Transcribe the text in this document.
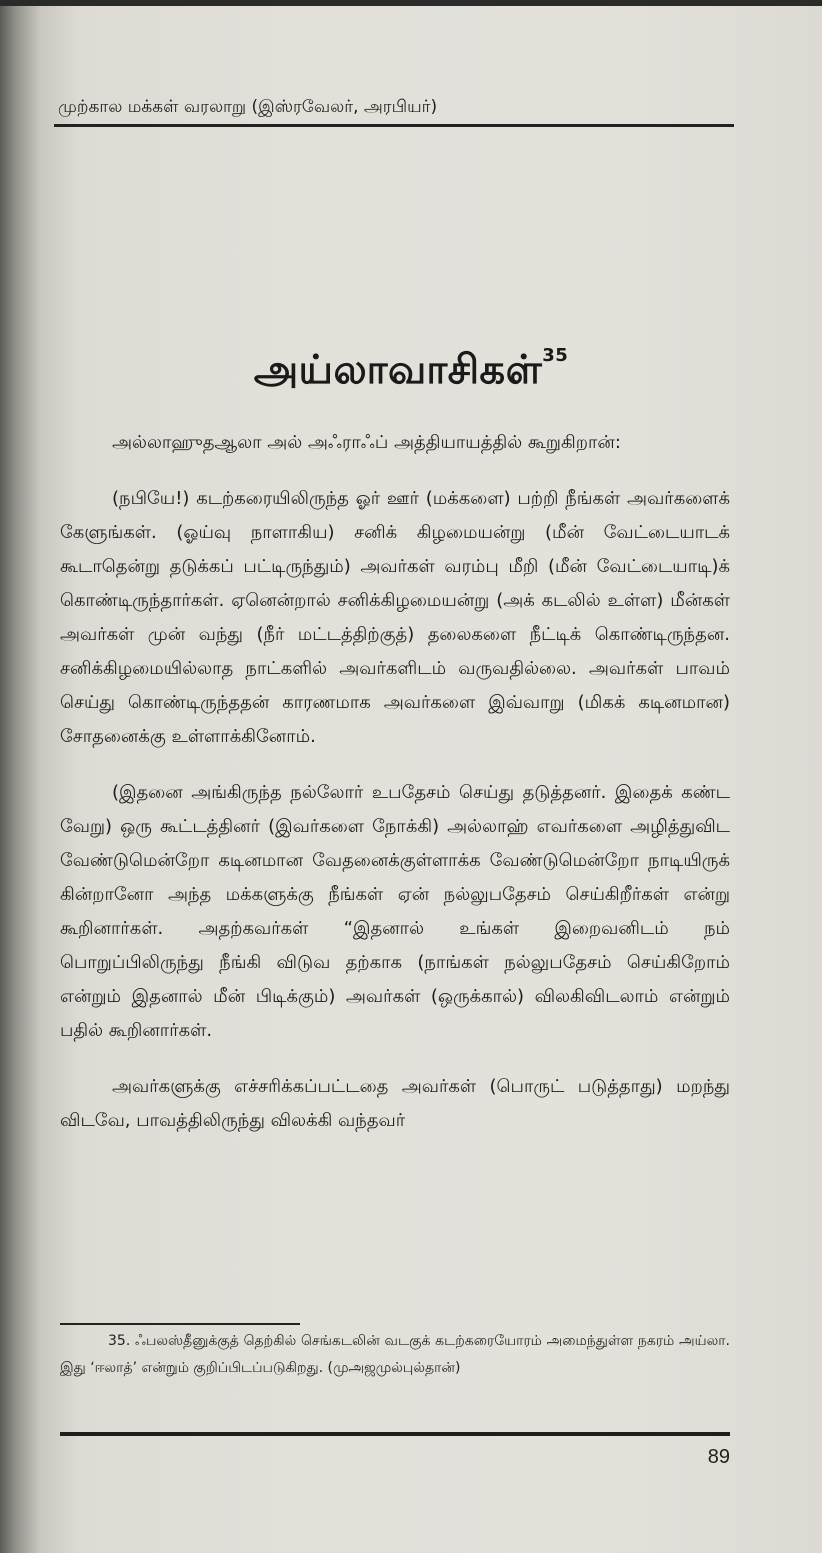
முற்கால மக்கள் வரலாறு (இஸ்ரவேலர், அரபியர்)
அய்லாவாசிகள்$^{35}$

அல்லாஹுதஆலா அல் அஃராஃப் அத்தியாயத்தில் கூறுகிறான்:

(நபியே!) கடற்கரையிலிருந்த ஓர் ஊர் (மக்களை) பற்றி நீங்கள் அவர்களைக் கேளுங்கள். (ஓய்வு நாளாகிய) சனிக் கிழமையன்று (மீன் வேட்டையாடக் கூடாதென்று தடுக்கப் பட்டிருந்தும்) அவர்கள் வரம்பு மீறி (மீன் வேட்டையாடி)க் கொண்டிருந்தார்கள். ஏனென்றால் சனிக்கிழமையன்று (அக் கடலில் உள்ள) மீன்கள் அவர்கள் முன் வந்து (நீர் மட்டத்திற்குத்) தலைகளை நீட்டிக் கொண்டிருந்தன. சனிக்கிழமையில்லாத நாட்களில் அவர்களிடம் வருவதில்லை. அவர்கள் பாவம் செய்து கொண்டிருந்ததன் காரணமாக அவர்களை இவ்வாறு (மிகக் கடினமான) சோதனைக்கு உள்ளாக்கினோம்.

(இதனை அங்கிருந்த நல்லோர் உபதேசம் செய்து தடுத்தனர். இதைக் கண்ட வேறு) ஒரு கூட்டத்தினர் (இவர்களை நோக்கி) அல்லாஹ் எவர்களை அழித்துவிட வேண்டுமென்றோ கடினமான வேதனைக்குள்ளாக்க வேண்டுமென்றோ நாடியிருக் கின்றானோ அந்த மக்களுக்கு நீங்கள் ஏன் நல்லுபதேசம் செய்கிறீர்கள் என்று கூறினார்கள். அதற்கவர்கள் “இதனால் உங்கள் இறைவனிடம் நம் பொறுப்பிலிருந்து நீங்கி விடுவ தற்காக (நாங்கள் நல்லுபதேசம் செய்கிறோம் என்றும் இதனால் மீன் பிடிக்கும்) அவர்கள் (ஒருக்கால்) விலகிவிடலாம் என்றும் பதில் கூறினார்கள்.

அவர்களுக்கு எச்சரிக்கப்பட்டதை அவர்கள் (பொருட் படுத்தாது) மறந்து விடவே, பாவத்திலிருந்து விலக்கி வந்தவர்

35. ஃபலஸ்தீனுக்குத் தெற்கில் செங்கடலின் வடகுக் கடற்கரையோரம் அமைந்துள்ள நகரம் அய்லா. இது ‘ஈலாத்’ என்றும் குறிப்பிடப்படுகிறது. (முஅஜமுல்புல்தான்)
89
